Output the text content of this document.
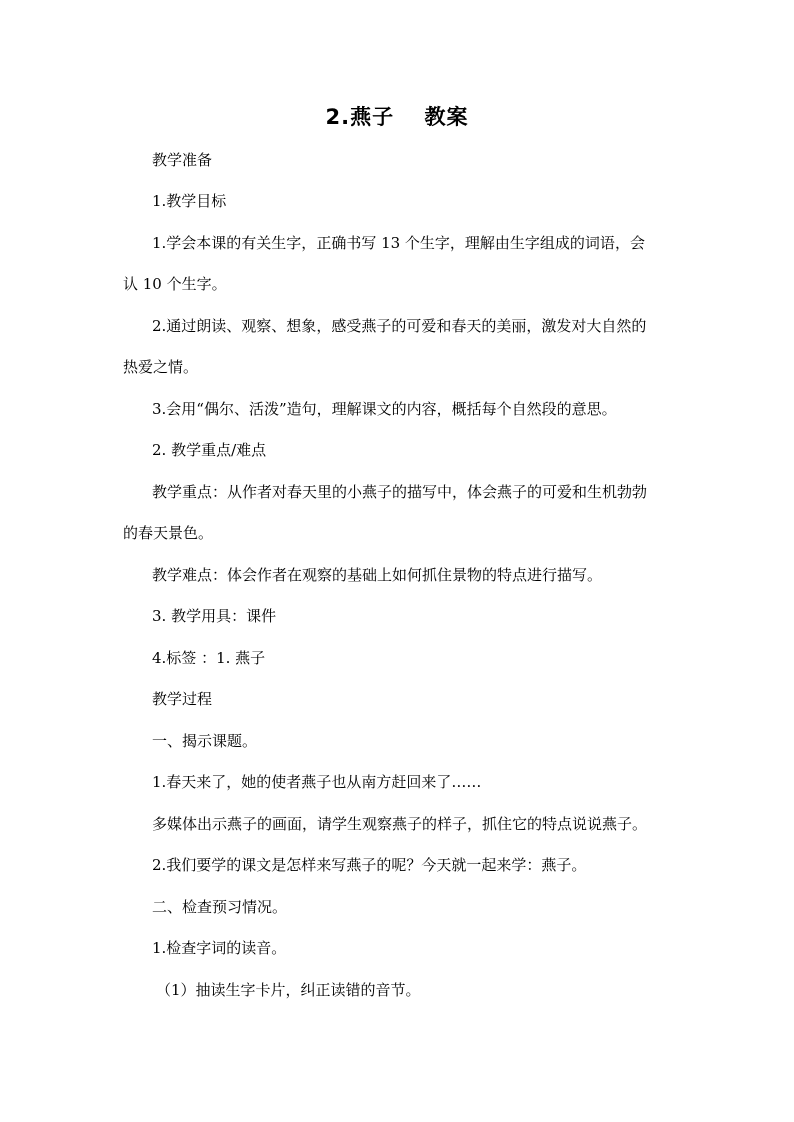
2.燕子　 教案

教学准备

1.教学目标

1.学会本课的有关生字，正确书写 13 个生字，理解由生字组成的词语，会

认 10 个生字。

2.通过朗读、观察、想象，感受燕子的可爱和春天的美丽，激发对大自然的

热爱之情。

3.会用“偶尔、活泼”造句，理解课文的内容，概括每个自然段的意思。

2. 教学重点/难点

教学重点：从作者对春天里的小燕子的描写中，体会燕子的可爱和生机勃勃

的春天景色。

教学难点：体会作者在观察的基础上如何抓住景物的特点进行描写。

3. 教学用具：课件

4.标签 ：1. 燕子

教学过程

一、揭示课题。

1.春天来了，她的使者燕子也从南方赶回来了……

多媒体出示燕子的画面，请学生观察燕子的样子，抓住它的特点说说燕子。

2.我们要学的课文是怎样来写燕子的呢？今天就一起来学：燕子。

二、检查预习情况。

1.检查字词的读音。

（1）抽读生字卡片，纠正读错的音节。
